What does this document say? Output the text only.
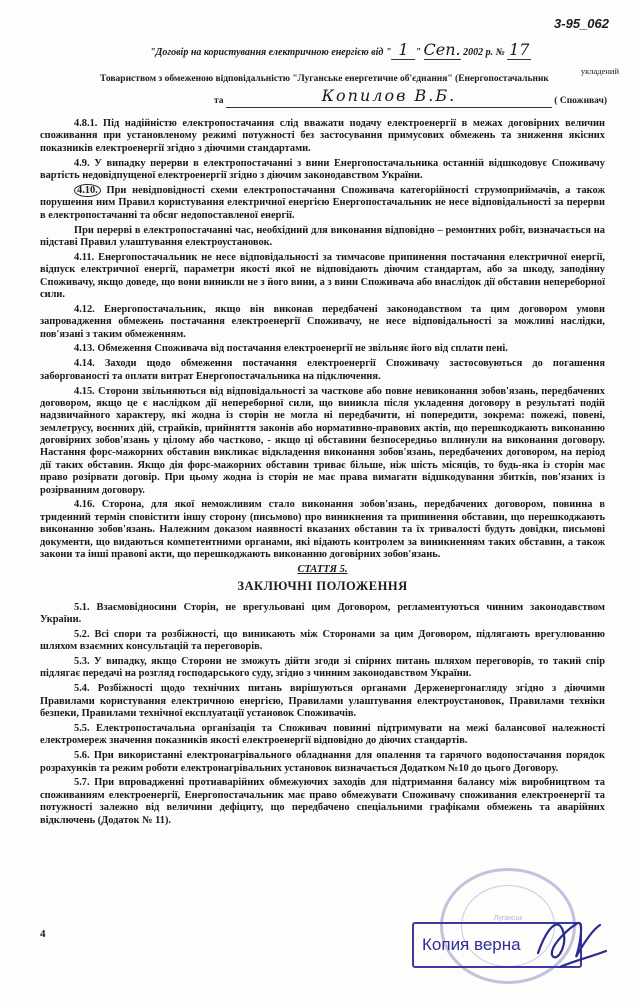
3-95_062
"Договір на користування електричною енергією від " 1 " Сеп. 2002 р. № 17
укладений
Товариством з обмеженою відповідальністю "Луганське енергетичне об'єднання" (Енергопостачальник
та	Копилов В.Б.	( Споживач)

4.8.1. Під надійністю електропостачання слід вважати подачу електроенергії в межах договірних величин споживання при установленому режимі потужності без застосування примусових обмежень та зниження якісних показників електроенергії згідно з діючими стандартами.

4.9. У випадку перерви в електропостачанні з вини Енергопостачальника останній відшкодовує Споживачу вартість недовідпущеної електроенергії згідно з діючим законодавством України.

4.10. При невідповідності схеми електропостачання Споживача категорійності струмоприймачів, а також порушення ним Правил користування електричної енергією Енергопостачальник не несе відповідальності за перерви в електропостачанні та обсяг недопоставленої енергії.

При перерві в електропостачанні час, необхідний для виконання відповідно – ремонтних робіт, визначається на підставі Правил улаштування електроустановок.

4.11. Енергопостачальник не несе відповідальності за тимчасове припинення постачання електричної енергії, відпуск електричної енергії, параметри якості якої не відповідають діючим стандартам, або за шкоду, заподіяну Споживачу, якщо доведе, що вони виникли не з його вини, а з вини Споживача або внаслідок дії обставин непереборної сили.

4.12. Енергопостачальник, якщо він виконав передбачені законодавством та цим договором умови запровадження обмежень постачання електроенергії Споживачу, не несе відповідальності за можливі наслідки, пов'язані з таким обмеженням.

4.13. Обмеження Споживача від постачання електроенергії не звільняє його від сплати пені.

4.14. Заходи щодо обмеження постачання електроенергії Споживачу застосовуються до погашення заборгованості та оплати витрат Енергопостачальника на підключення.

4.15. Сторони звільняються від відповідальності за часткове або повне невиконання зобов'язань, передбачених договором, якщо це є наслідком дії непереборної сили, що виникла після укладення договору в результаті подій надзвичайного характеру, які жодна із сторін не могла ні передбачити, ні попередити, зокрема: пожежі, повені, землетрусу, воєнних дій, страйків, прийняття законів або нормативно-правових актів, що перешкоджають виконанню договірних зобов'язань у цілому або частково, - якщо ці обставини безпосередньо вплинули на виконання договору. Настання форс-мажорних обставин викликає відкладення виконання зобов'язань, передбачених договором, на період дії таких обставин. Якщо дія форс-мажорних обставин триває більше, ніж шість місяців, то будь-яка із сторін має право розірвати договір. При цьому жодна із сторін не має права вимагати відшкодування збитків, пов'язаних із розірванням договору.

4.16. Сторона, для якої неможливим стало виконання зобов'язань, передбачених договором, повинна в триденний термін сповістити іншу сторону (письмово) про виникнення та припинення обставин, що перешкоджають виконанню зобов'язань. Належним доказом наявності вказаних обставин та їх тривалості будуть довідки, письмові документи, що видаються компетентними органами, які відають контролем за виникненням таких обставин, а також закони та інші правові акти, що перешкоджають виконанню договірних зобов'язань.

СТАТТЯ 5.

ЗАКЛЮЧНІ ПОЛОЖЕННЯ

5.1. Взаємовідносини Сторін, не врегульовані цим Договором, регламентуються чинним законодавством України.

5.2. Всі спори та розбіжності, що виникають між Сторонами за цим Договором, підлягають врегулюванню шляхом взаємних консультацій та переговорів.

5.3. У випадку, якщо Сторони не зможуть дійти згоди зі спірних питань шляхом переговорів, то такий спір підлягає передачі на розгляд господарського суду, згідно з чинним законодавством України.

5.4. Розбіжності щодо технічних питань вирішуються органами Держенергонагляду згідно з діючими Правилами користування електричною енергією, Правилами улаштування електроустановок, Правилами техніки безпеки, Правилами технічної експлуатації установок Споживачів.

5.5. Електропостачальна організація та Споживач повинні підтримувати на межі балансової належності електромереж значення показників якості електроенергії відповідно до діючих стандартів.

5.6. При використанні електронагрівального обладнання для опалення та гарячого водопостачання порядок розрахунків та режим роботи електронагрівальних установок визначається Додатком №10 до цього Договору.

5.7. При впровадженні протиаварійних обмежуючих заходів для підтримання балансу між виробництвом та споживанням електроенергії, Енергопостачальник має право обмежувати Споживачу споживання електроенергії та потужності залежно від величини дефіциту, що передбачено спеціальними графіками обмежень та аварійних відключень (Додаток № 11).

4
Луганськ
Копия верна
